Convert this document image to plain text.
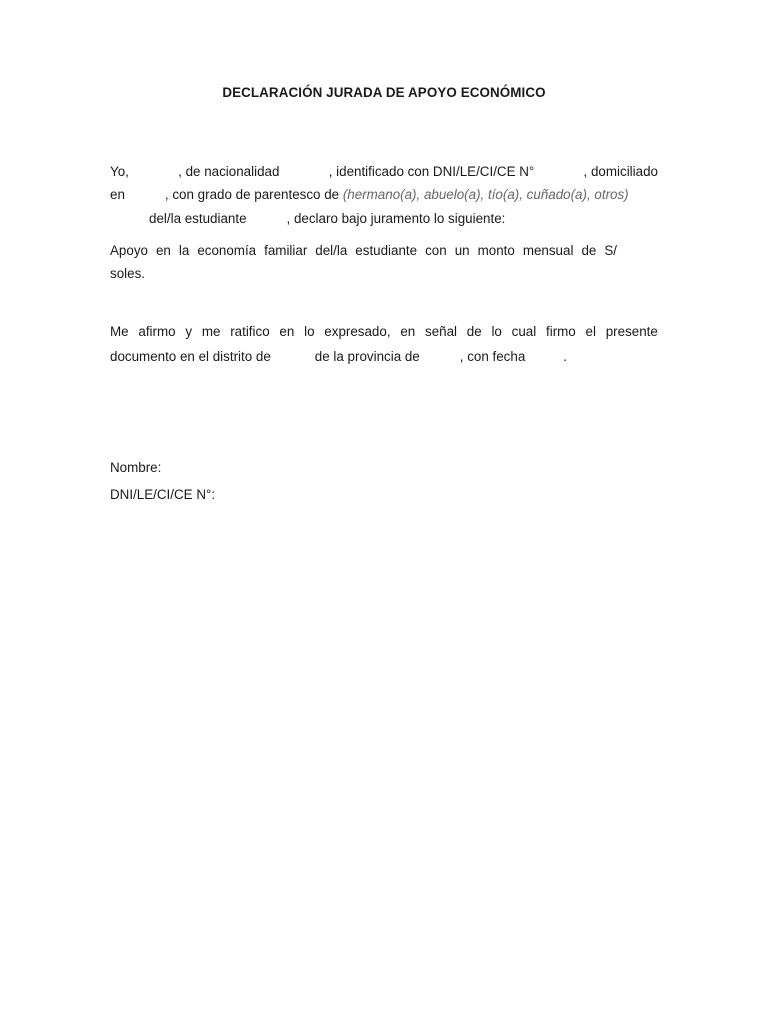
DECLARACIÓN JURADA DE APOYO ECONÓMICO
Yo,	, de nacionalidad	, identificado con DNI/LE/CI/CE N°	, domiciliado
en	, con grado de parentesco de (hermano(a), abuelo(a), tío(a), cuñado(a), otros)
del/la estudiante	, declaro bajo juramento lo siguiente:
Apoyo en la economía familiar del/la estudiante con un monto mensual de S/
soles.
Me afirmo y me ratifico en lo expresado, en señal de lo cual firmo el presente
documento en el distrito de	de la provincia de	, con fecha	.
Nombre:
DNI/LE/CI/CE N°:
